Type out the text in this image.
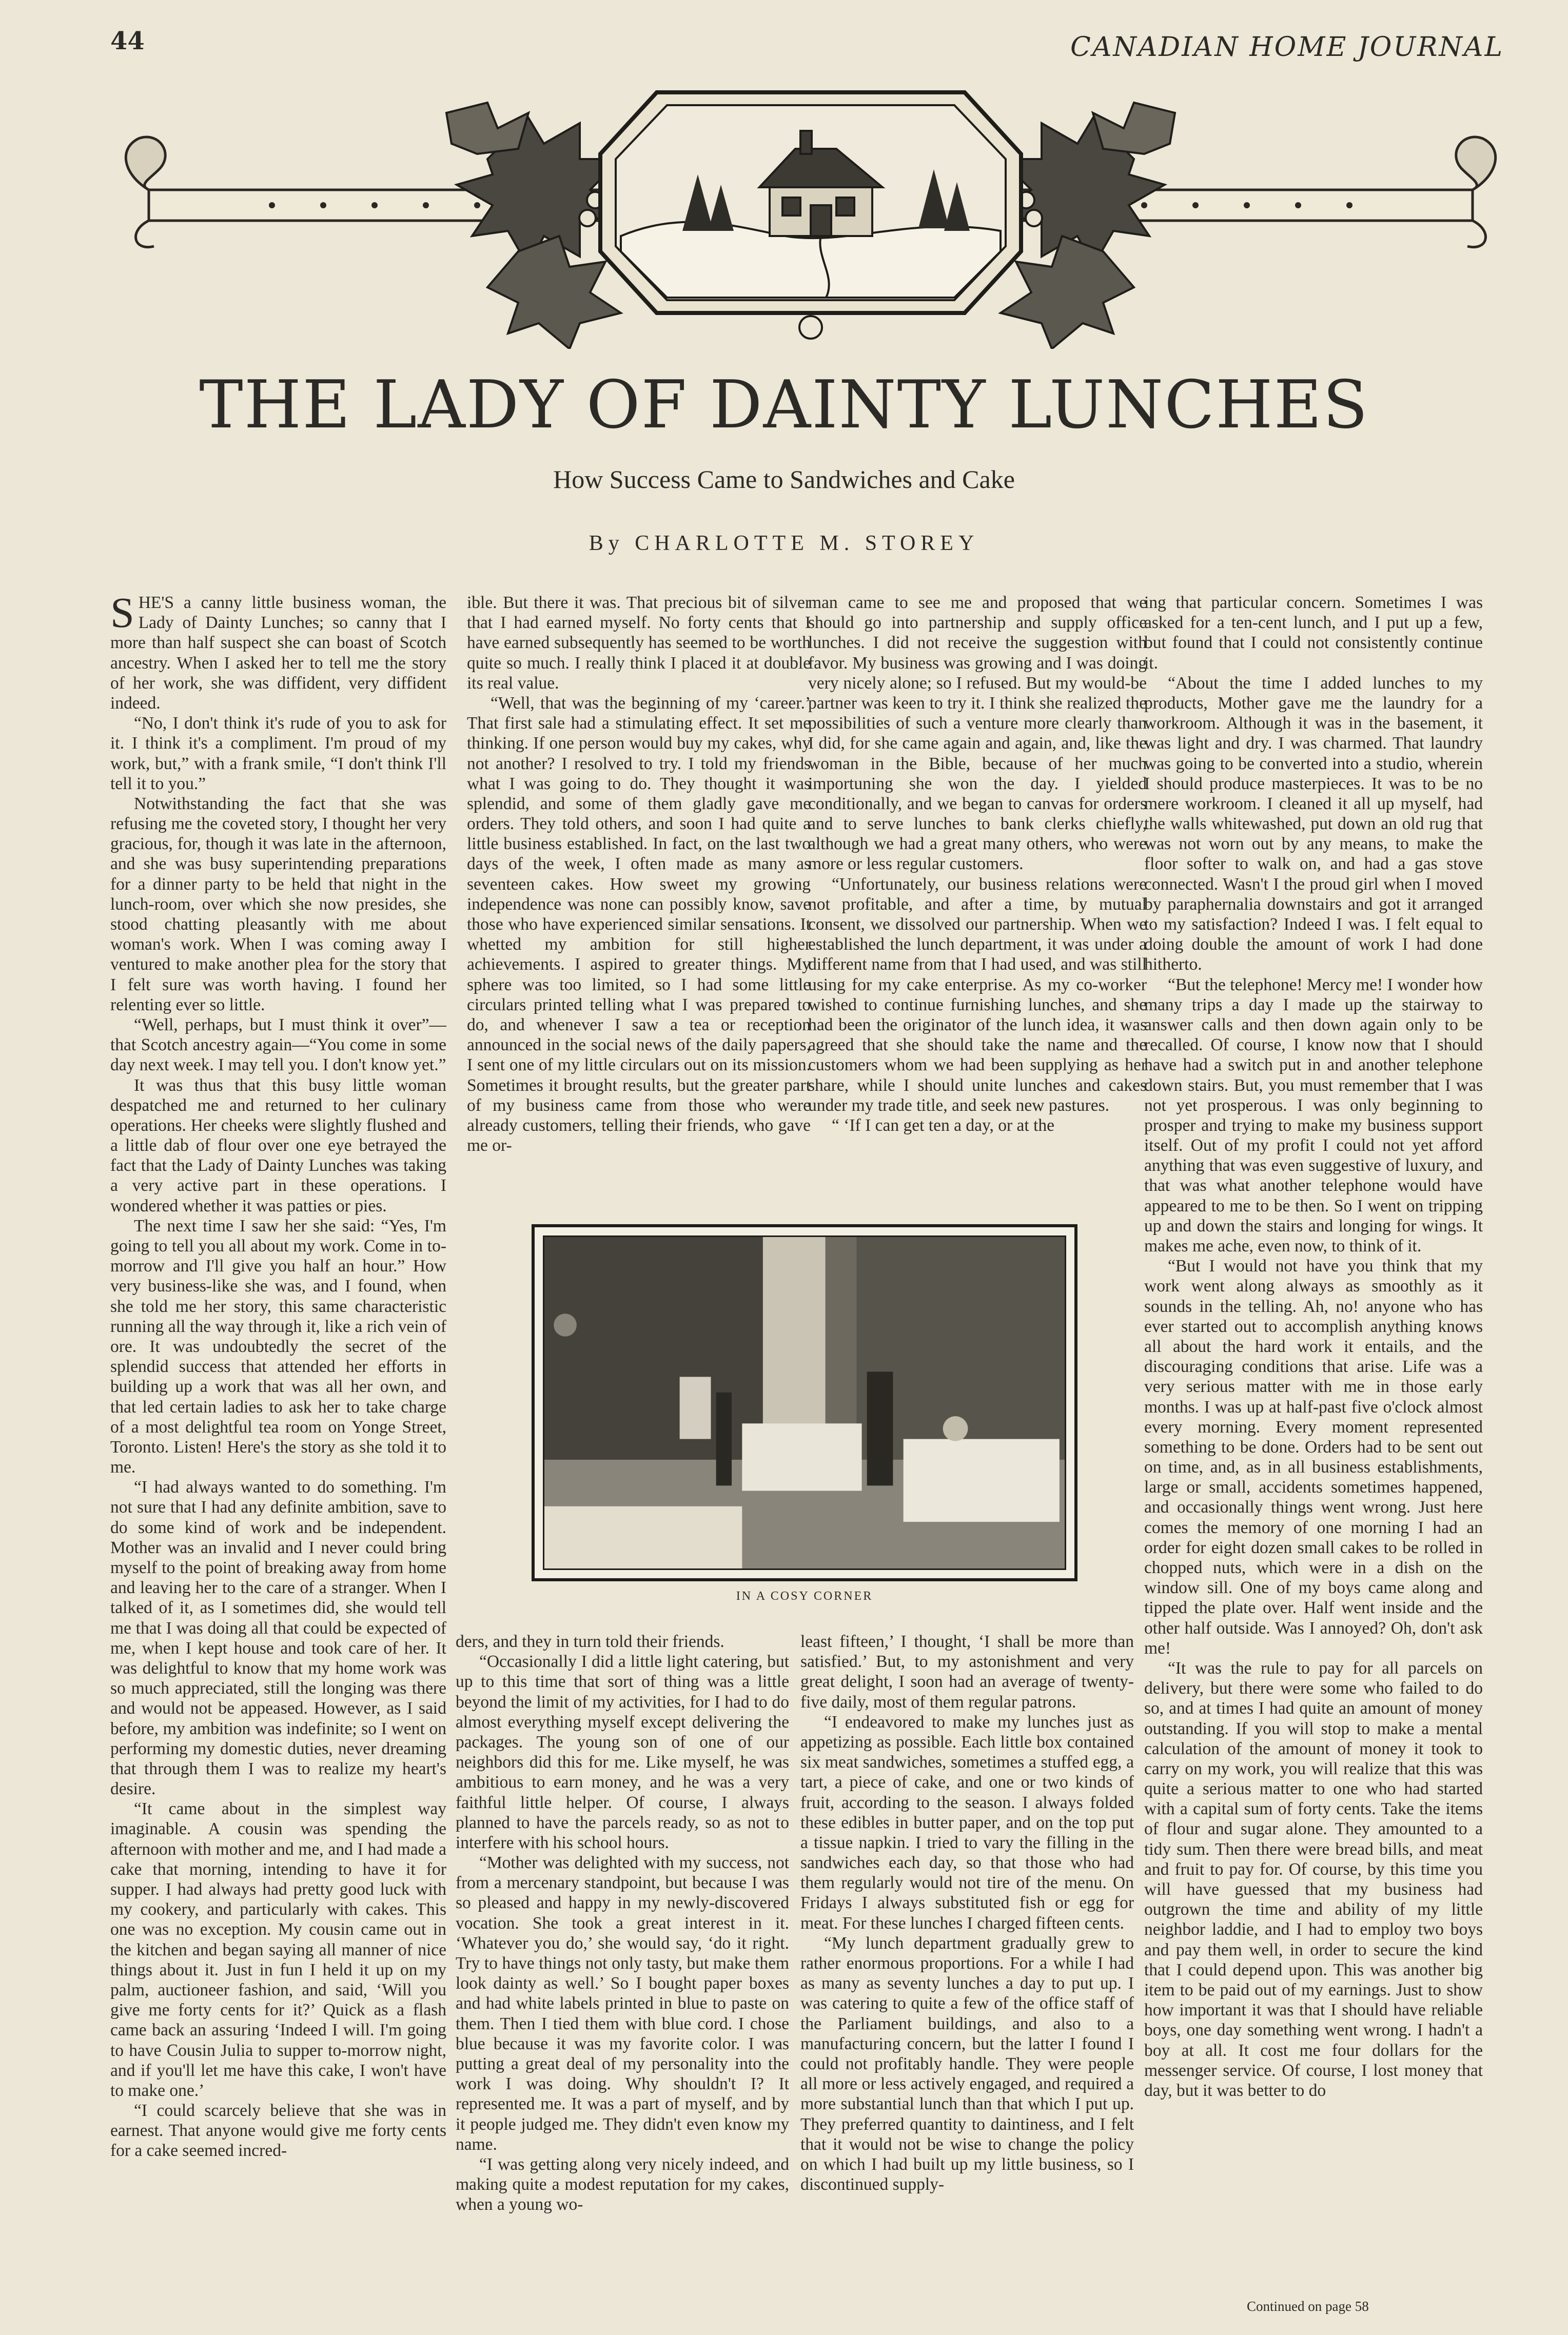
44	CANADIAN HOME JOURNAL
THE LADY OF DAINTY LUNCHES
How Success Came to Sandwiches and Cake
By CHARLOTTE M. STOREY

SHE'S a canny little business woman, the Lady of Dainty Lunches; so canny that I more than half suspect she can boast of Scotch ancestry. When I asked her to tell me the story of her work, she was diffident, very diffident indeed.

“No, I don't think it's rude of you to ask for it. I think it's a compliment. I'm proud of my work, but,” with a frank smile, “I don't think I'll tell it to you.”

Notwithstanding the fact that she was refusing me the coveted story, I thought her very gracious, for, though it was late in the afternoon, and she was busy superintending preparations for a dinner party to be held that night in the lunch-room, over which she now presides, she stood chatting pleasantly with me about woman's work. When I was coming away I ventured to make another plea for the story that I felt sure was worth having. I found her relenting ever so little.

“Well, perhaps, but I must think it over”—that Scotch ancestry again—“You come in some day next week. I may tell you. I don't know yet.”

It was thus that this busy little woman despatched me and returned to her culinary operations. Her cheeks were slightly flushed and a little dab of flour over one eye betrayed the fact that the Lady of Dainty Lunches was taking a very active part in these operations. I wondered whether it was patties or pies.

The next time I saw her she said: “Yes, I'm going to tell you all about my work. Come in to-morrow and I'll give you half an hour.” How very business-like she was, and I found, when she told me her story, this same characteristic running all the way through it, like a rich vein of ore. It was undoubtedly the secret of the splendid success that attended her efforts in building up a work that was all her own, and that led certain ladies to ask her to take charge of a most delightful tea room on Yonge Street, Toronto. Listen! Here's the story as she told it to me.

“I had always wanted to do something. I'm not sure that I had any definite ambition, save to do some kind of work and be independent. Mother was an invalid and I never could bring myself to the point of breaking away from home and leaving her to the care of a stranger. When I talked of it, as I sometimes did, she would tell me that I was doing all that could be expected of me, when I kept house and took care of her. It was delightful to know that my home work was so much appreciated, still the longing was there and would not be appeased. However, as I said before, my ambition was indefinite; so I went on performing my domestic duties, never dreaming that through them I was to realize my heart's desire.

“It came about in the simplest way imaginable. A cousin was spending the afternoon with mother and me, and I had made a cake that morning, intending to have it for supper. I had always had pretty good luck with my cookery, and particularly with cakes. This one was no exception. My cousin came out in the kitchen and began saying all manner of nice things about it. Just in fun I held it up on my palm, auctioneer fashion, and said, ‘Will you give me forty cents for it?’ Quick as a flash came back an assuring ‘Indeed I will. I'm going to have Cousin Julia to supper to-morrow night, and if you'll let me have this cake, I won't have to make one.’

“I could scarcely believe that she was in earnest. That anyone would give me forty cents for a cake seemed incred-

ible. But there it was. That precious bit of silver that I had earned myself. No forty cents that I have earned subsequently has seemed to be worth quite so much. I really think I placed it at double its real value.

“Well, that was the beginning of my ‘career.’ That first sale had a stimulating effect. It set me thinking. If one person would buy my cakes, why not another? I resolved to try. I told my friends what I was going to do. They thought it was splendid, and some of them gladly gave me orders. They told others, and soon I had quite a little business established. In fact, on the last two days of the week, I often made as many as seventeen cakes. How sweet my growing independence was none can possibly know, save those who have experienced similar sensations. It whetted my ambition for still higher achievements. I aspired to greater things. My sphere was too limited, so I had some little circulars printed telling what I was prepared to do, and whenever I saw a tea or reception announced in the social news of the daily papers, I sent one of my little circulars out on its mission. Sometimes it brought results, but the greater part of my business came from those who were already customers, telling their friends, who gave me or-

man came to see me and proposed that we should go into partnership and supply office lunches. I did not receive the suggestion with favor. My business was growing and I was doing very nicely alone; so I refused. But my would-be partner was keen to try it. I think she realized the possibilities of such a venture more clearly than I did, for she came again and again, and, like the woman in the Bible, because of her much importuning she won the day. I yielded conditionally, and we began to canvas for orders and to serve lunches to bank clerks chiefly, although we had a great many others, who were more or less regular customers.

“Unfortunately, our business relations were not profitable, and after a time, by mutual consent, we dissolved our partnership. When we established the lunch department, it was under a different name from that I had used, and was still using for my cake enterprise. As my co-worker wished to continue furnishing lunches, and she had been the originator of the lunch idea, it was agreed that she should take the name and the customers whom we had been supplying as her share, while I should unite lunches and cakes under my trade title, and seek new pastures.

“ ‘If I can get ten a day, or at the

IN A COSY CORNER

ders, and they in turn told their friends.

“Occasionally I did a little light catering, but up to this time that sort of thing was a little beyond the limit of my activities, for I had to do almost everything myself except delivering the packages. The young son of one of our neighbors did this for me. Like myself, he was ambitious to earn money, and he was a very faithful little helper. Of course, I always planned to have the parcels ready, so as not to interfere with his school hours.

“Mother was delighted with my success, not from a mercenary standpoint, but because I was so pleased and happy in my newly-discovered vocation. She took a great interest in it. ‘Whatever you do,’ she would say, ‘do it right. Try to have things not only tasty, but make them look dainty as well.’ So I bought paper boxes and had white labels printed in blue to paste on them. Then I tied them with blue cord. I chose blue because it was my favorite color. I was putting a great deal of my personality into the work I was doing. Why shouldn't I? It represented me. It was a part of myself, and by it people judged me. They didn't even know my name.

“I was getting along very nicely indeed, and making quite a modest reputation for my cakes, when a young wo-

least fifteen,’ I thought, ‘I shall be more than satisfied.’ But, to my astonishment and very great delight, I soon had an average of twenty-five daily, most of them regular patrons.

“I endeavored to make my lunches just as appetizing as possible. Each little box contained six meat sandwiches, sometimes a stuffed egg, a tart, a piece of cake, and one or two kinds of fruit, according to the season. I always folded these edibles in butter paper, and on the top put a tissue napkin. I tried to vary the filling in the sandwiches each day, so that those who had them regularly would not tire of the menu. On Fridays I always substituted fish or egg for meat. For these lunches I charged fifteen cents.

“My lunch department gradually grew to rather enormous proportions. For a while I had as many as seventy lunches a day to put up. I was catering to quite a few of the office staff of the Parliament buildings, and also to a manufacturing concern, but the latter I found I could not profitably handle. They were people all more or less actively engaged, and required a more substantial lunch than that which I put up. They preferred quantity to daintiness, and I felt that it would not be wise to change the policy on which I had built up my little business, so I discontinued supply-

ing that particular concern. Sometimes I was asked for a ten-cent lunch, and I put up a few, but found that I could not consistently continue it.

“About the time I added lunches to my products, Mother gave me the laundry for a workroom. Although it was in the basement, it was light and dry. I was charmed. That laundry was going to be converted into a studio, wherein I should produce masterpieces. It was to be no mere workroom. I cleaned it all up myself, had the walls whitewashed, put down an old rug that was not worn out by any means, to make the floor softer to walk on, and had a gas stove connected. Wasn't I the proud girl when I moved by paraphernalia downstairs and got it arranged to my satisfaction? Indeed I was. I felt equal to doing double the amount of work I had done hitherto.

“But the telephone! Mercy me! I wonder how many trips a day I made up the stairway to answer calls and then down again only to be recalled. Of course, I know now that I should have had a switch put in and another telephone down stairs. But, you must remember that I was not yet prosperous. I was only beginning to prosper and trying to make my business support itself. Out of my profit I could not yet afford anything that was even suggestive of luxury, and that was what another telephone would have appeared to me to be then. So I went on tripping up and down the stairs and longing for wings. It makes me ache, even now, to think of it.

“But I would not have you think that my work went along always as smoothly as it sounds in the telling. Ah, no! anyone who has ever started out to accomplish anything knows all about the hard work it entails, and the discouraging conditions that arise. Life was a very serious matter with me in those early months. I was up at half-past five o'clock almost every morning. Every moment represented something to be done. Orders had to be sent out on time, and, as in all business establishments, large or small, accidents sometimes happened, and occasionally things went wrong. Just here comes the memory of one morning I had an order for eight dozen small cakes to be rolled in chopped nuts, which were in a dish on the window sill. One of my boys came along and tipped the plate over. Half went inside and the other half outside. Was I annoyed? Oh, don't ask me!

“It was the rule to pay for all parcels on delivery, but there were some who failed to do so, and at times I had quite an amount of money outstanding. If you will stop to make a mental calculation of the amount of money it took to carry on my work, you will realize that this was quite a serious matter to one who had started with a capital sum of forty cents. Take the items of flour and sugar alone. They amounted to a tidy sum. Then there were bread bills, and meat and fruit to pay for. Of course, by this time you will have guessed that my business had outgrown the time and ability of my little neighbor laddie, and I had to employ two boys and pay them well, in order to secure the kind that I could depend upon. This was another big item to be paid out of my earnings. Just to show how important it was that I should have reliable boys, one day something went wrong. I hadn't a boy at all. It cost me four dollars for the messenger service. Of course, I lost money that day, but it was better to do

Continued on page 58
